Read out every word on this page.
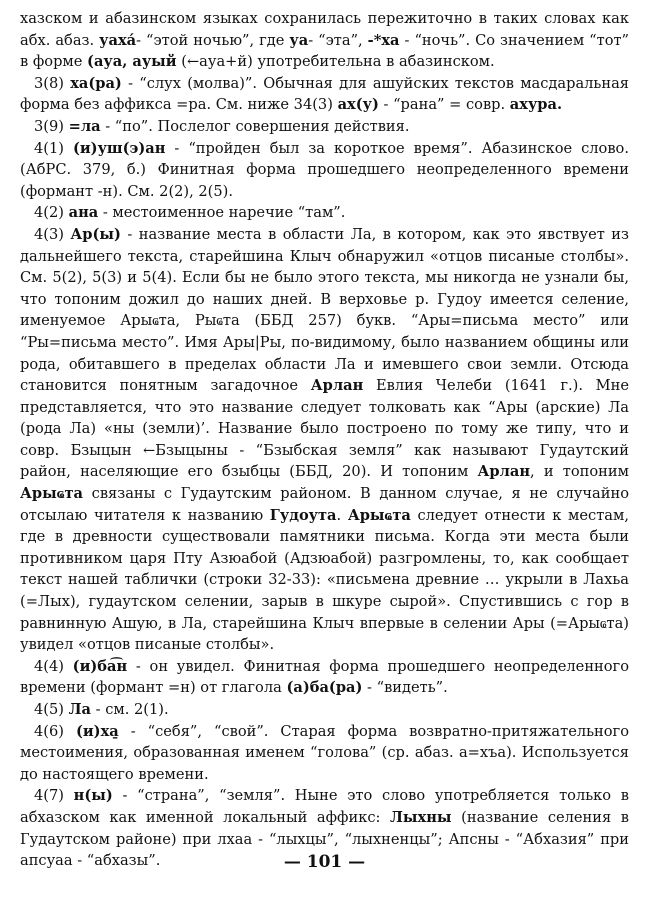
хазском и абазинском языках сохранилась пережиточно в таких словах как абх. абаз. уаха́- “этой ночью”, где уа- “эта”, -*ха - “ночь”. Со значением “тот” в форме (ауа, ауый (←ауа+й) употребительна в абазинском.

3(8) ха(ра) - “слух (молва)”. Обычная для ашуйских текстов масдаральная форма без аффикса =ра. См. ниже 34(3) ах(у) - “рана” = совр. ахура.

3(9) =ла - “по”. Послелог совершения действия.

4(1) (и)уш(э)ан - “пройден был за короткое время”. Абазинское слово. (АбРС. 379, б.) Финитная форма прошедшего неопределенного времени (формант -н). См. 2(2), 2(5).

4(2) ана - местоименное наречие “там”.

4(3) Ар(ы) - название места в области Ла, в котором, как это явствует из дальнейшего текста, старейшина Клыч обнаружил «отцов писаные столбы». См. 5(2), 5(3) и 5(4). Если бы не было этого текста, мы никогда не узнали бы, что топоним дожил до наших дней. В верховье р. Гудоу имеется селение, именуемое Арыҩта, Рыҩта (ББД 257) букв. “Ары=письма место” или “Ры=письма место”. Имя Ары|Ры, по-видимому, было названием общины или рода, обитавшего в пределах области Ла и имевшего свои земли. Отсюда становится понятным загадочное Арлан Евлия Челеби (1641 г.). Мне представляется, что это название следует толковать как “Ары (арские) Ла (рода Ла) «ны (земли)’. Название было построено по тому же типу, что и совр. Бзыцын ←Бзыцыны - “Бзыбская земля” как называют Гудаутский район, населяющие его бзыбцы (ББД, 20). И топоним Арлан, и топоним Арыҩта связаны с Гудаутским районом. В данном случае, я не случайно отсылаю читателя к названию Гудоута. Арыҩта следует отнести к местам, где в древности существовали памятники письма. Когда эти места были противником царя Пту Азюабой (Адзюабой) разгромлены, то, как сообщает текст нашей таблички (строки 32-33): «письмена древние … укрыли в Лахьа (=Лых), гудаутском селении, зарыв в шкуре сырой». Спустившись с гор в равнинную Ашую, в Ла, старейшина Клыч впервые в селении Ары (=Арыҩта) увидел «отцов писаные столбы».

4(4) (и)ба͡н - он увидел. Финитная форма прошедшего неопределенного времени (формант =н) от глагола (а)ба(ра) - “видеть”.

4(5) Ла - см. 2(1).

4(6) (и)ха̱ - “себя”, “свой”. Старая форма возвратно-притяжательного местоимения, образованная именем “голова” (ср. абаз. а=хъа). Используется до настоящего времени.

4(7) н(ы) - “страна”, “земля”. Ныне это слово употребляется только в абхазском как именной локальный аффикс: Лыхны (название селения в Гудаутском районе) при лхаа - “лыхцы”, “лыхненцы”; Апсны - “Абхазия” при апсуаа - “абхазы”.	— 101 —
